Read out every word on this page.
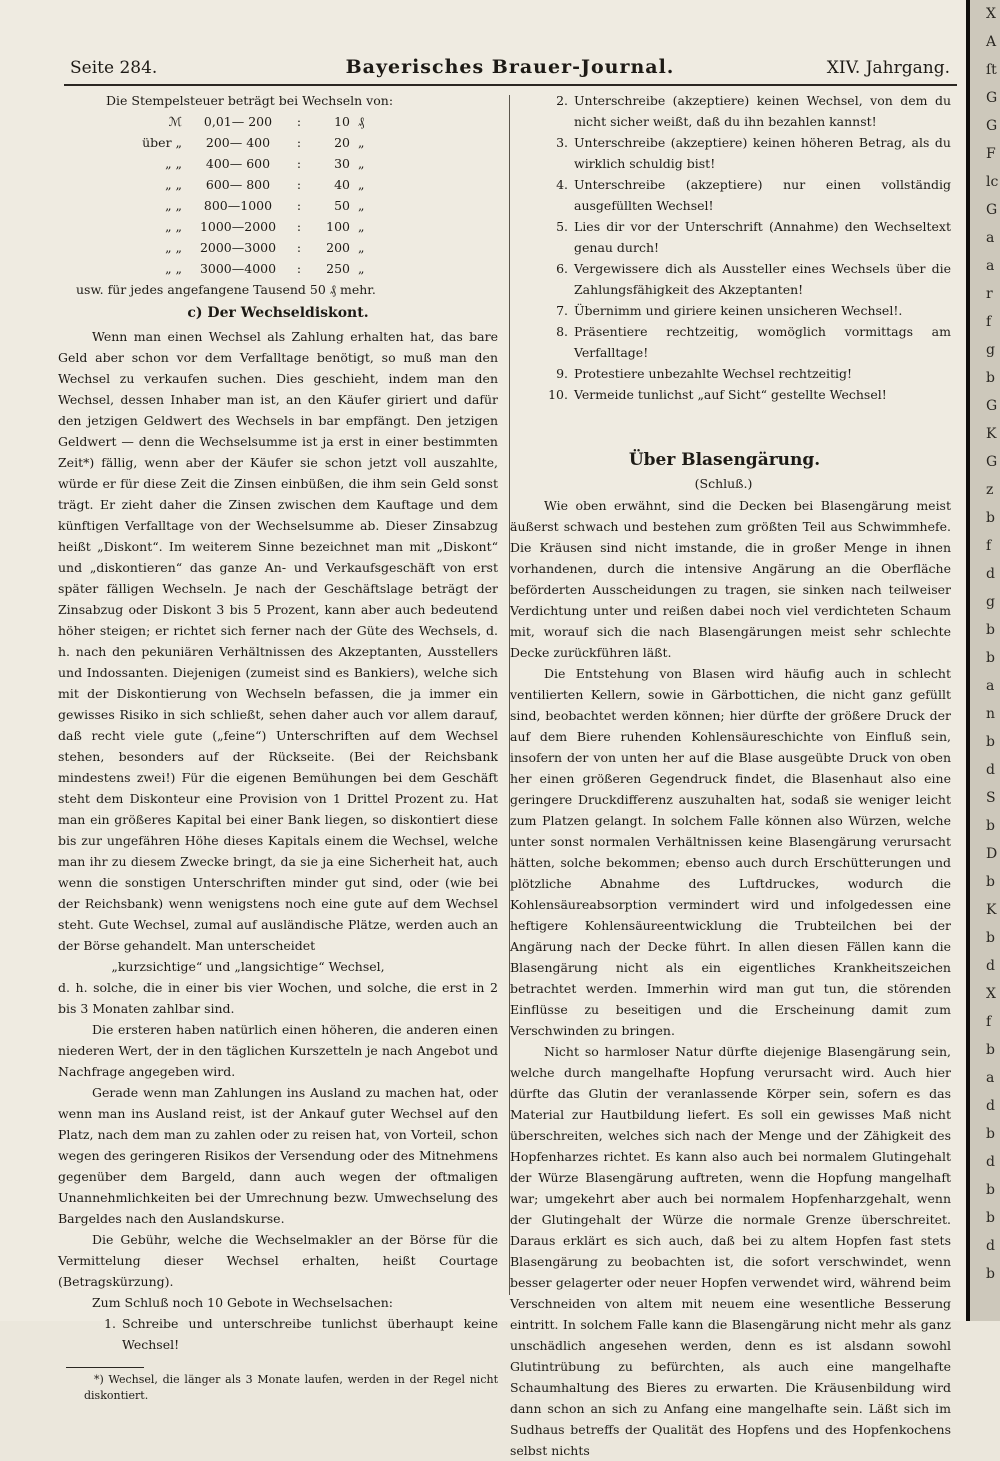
Seite 284.	Bayerisches Brauer-Journal.	XIV. Jahrgang.

Die Stempelsteuer beträgt bei Wechseln von:

ℳ	0,01— 200	:	10	₰
über „	200— 400	:	20	„
„ „	400— 600	:	30	„
„ „	600— 800	:	40	„
„ „	800—1000	:	50	„
„ „	1000—2000	:	100	„
„ „	2000—3000	:	200	„
„ „	3000—4000	:	250	„

usw. für jedes angefangene Tausend 50 ₰ mehr.

c) Der Wechseldiskont.

Wenn man einen Wechsel als Zahlung erhalten hat, das bare Geld aber schon vor dem Verfalltage benötigt, so muß man den Wechsel zu verkaufen suchen. Dies geschieht, indem man den Wechsel, dessen Inhaber man ist, an den Käufer giriert und dafür den jetzigen Geldwert des Wechsels in bar empfängt. Den jetzigen Geldwert — denn die Wechselsumme ist ja erst in einer bestimmten Zeit*) fällig, wenn aber der Käufer sie schon jetzt voll auszahlte, würde er für diese Zeit die Zinsen einbüßen, die ihm sein Geld sonst trägt. Er zieht daher die Zinsen zwischen dem Kauftage und dem künftigen Verfalltage von der Wechselsumme ab. Dieser Zinsabzug heißt „Diskont“. Im weiterem Sinne bezeichnet man mit „Diskont“ und „diskontieren“ das ganze An- und Verkaufsgeschäft von erst später fälligen Wechseln. Je nach der Geschäftslage beträgt der Zinsabzug oder Diskont 3 bis 5 Prozent, kann aber auch bedeutend höher steigen; er richtet sich ferner nach der Güte des Wechsels, d. h. nach den pekuniären Verhältnissen des Akzeptanten, Ausstellers und Indossanten. Diejenigen (zumeist sind es Bankiers), welche sich mit der Diskontierung von Wechseln befassen, die ja immer ein gewisses Risiko in sich schließt, sehen daher auch vor allem darauf, daß recht viele gute („feine“) Unterschriften auf dem Wechsel stehen, besonders auf der Rückseite. (Bei der Reichsbank mindestens zwei!) Für die eigenen Bemühungen bei dem Geschäft steht dem Diskonteur eine Provision von 1 Drittel Prozent zu. Hat man ein größeres Kapital bei einer Bank liegen, so diskontiert diese bis zur ungefähren Höhe dieses Kapitals einem die Wechsel, welche man ihr zu diesem Zwecke bringt, da sie ja eine Sicherheit hat, auch wenn die sonstigen Unterschriften minder gut sind, oder (wie bei der Reichsbank) wenn wenigstens noch eine gute auf dem Wechsel steht. Gute Wechsel, zumal auf ausländische Plätze, werden auch an der Börse gehandelt. Man unterscheidet

„kurzsichtige“ und „langsichtige“ Wechsel,

d. h. solche, die in einer bis vier Wochen, und solche, die erst in 2 bis 3 Monaten zahlbar sind.

Die ersteren haben natürlich einen höheren, die anderen einen niederen Wert, der in den täglichen Kurszetteln je nach Angebot und Nachfrage angegeben wird.

Gerade wenn man Zahlungen ins Ausland zu machen hat, oder wenn man ins Ausland reist, ist der Ankauf guter Wechsel auf den Platz, nach dem man zu zahlen oder zu reisen hat, von Vorteil, schon wegen des geringeren Risikos der Versendung oder des Mitnehmens gegenüber dem Bargeld, dann auch wegen der oftmaligen Unannehmlichkeiten bei der Umrechnung bezw. Umwechselung des Bargeldes nach den Auslandskurse.

Die Gebühr, welche die Wechselmakler an der Börse für die Vermittelung dieser Wechsel erhalten, heißt Courtage (Betragskürzung).

Zum Schluß noch 10 Gebote in Wechselsachen:

1. Schreibe und unterschreibe tunlichst überhaupt keine Wechsel!

*) Wechsel, die länger als 3 Monate laufen, werden in der Regel nicht diskontiert.

2. Unterschreibe (akzeptiere) keinen Wechsel, von dem du nicht sicher weißt, daß du ihn bezahlen kannst!
3. Unterschreibe (akzeptiere) keinen höheren Betrag, als du wirklich schuldig bist!
4. Unterschreibe (akzeptiere) nur einen vollständig ausgefüllten Wechsel!
5. Lies dir vor der Unterschrift (Annahme) den Wechseltext genau durch!
6. Vergewissere dich als Aussteller eines Wechsels über die Zahlungsfähigkeit des Akzeptanten!
7. Übernimm und giriere keinen unsicheren Wechsel!.
8. Präsentiere rechtzeitig, womöglich vormittags am Verfalltage!
9. Protestiere unbezahlte Wechsel rechtzeitig!
10. Vermeide tunlichst „auf Sicht“ gestellte Wechsel!
Über Blasengärung.
(Schluß.)

Wie oben erwähnt, sind die Decken bei Blasengärung meist äußerst schwach und bestehen zum größten Teil aus Schwimmhefe. Die Kräusen sind nicht imstande, die in großer Menge in ihnen vorhandenen, durch die intensive Angärung an die Oberfläche beförderten Ausscheidungen zu tragen, sie sinken nach teilweiser Verdichtung unter und reißen dabei noch viel verdichteten Schaum mit, worauf sich die nach Blasengärungen meist sehr schlechte Decke zurückführen läßt.

Die Entstehung von Blasen wird häufig auch in schlecht ventilierten Kellern, sowie in Gärbottichen, die nicht ganz gefüllt sind, beobachtet werden können; hier dürfte der größere Druck der auf dem Biere ruhenden Kohlensäureschichte von Einfluß sein, insofern der von unten her auf die Blase ausgeübte Druck von oben her einen größeren Gegendruck findet, die Blasenhaut also eine geringere Druckdifferenz auszuhalten hat, sodaß sie weniger leicht zum Platzen gelangt. In solchem Falle können also Würzen, welche unter sonst normalen Verhältnissen keine Blasengärung verursacht hätten, solche bekommen; ebenso auch durch Erschütterungen und plötzliche Abnahme des Luftdruckes, wodurch die Kohlensäureabsorption vermindert wird und infolgedessen eine heftigere Kohlensäureentwicklung die Trubteilchen bei der Angärung nach der Decke führt. In allen diesen Fällen kann die Blasengärung nicht als ein eigentliches Krankheitszeichen betrachtet werden. Immerhin wird man gut tun, die störenden Einflüsse zu beseitigen und die Erscheinung damit zum Verschwinden zu bringen.

Nicht so harmloser Natur dürfte diejenige Blasengärung sein, welche durch mangelhafte Hopfung verursacht wird. Auch hier dürfte das Glutin der veranlassende Körper sein, sofern es das Material zur Hautbildung liefert. Es soll ein gewisses Maß nicht überschreiten, welches sich nach der Menge und der Zähigkeit des Hopfenharzes richtet. Es kann also auch bei normalem Glutingehalt der Würze Blasengärung auftreten, wenn die Hopfung mangelhaft war; umgekehrt aber auch bei normalem Hopfenharzgehalt, wenn der Glutingehalt der Würze die normale Grenze überschreitet. Daraus erklärt es sich auch, daß bei zu altem Hopfen fast stets Blasengärung zu beobachten ist, die sofort verschwindet, wenn besser gelagerter oder neuer Hopfen verwendet wird, während beim Verschneiden von altem mit neuem eine wesentliche Besserung eintritt. In solchem Falle kann die Blasengärung nicht mehr als ganz unschädlich angesehen werden, denn es ist alsdann sowohl Glutintrübung zu befürchten, als auch eine mangelhafte Schaumhaltung des Bieres zu erwarten. Die Kräusenbildung wird dann schon an sich zu Anfang eine mangelhafte sein. Läßt sich im Sudhaus betreffs der Qualität des Hopfens und des Hopfenkochens selbst nichts

X
A
ſt
G
G
F
lc
G
a
a
r
f
g
b
G
K
G
z
b
f
d
g
b
b
a
n
b
d
S
b
D
b
K
b
d
X
f
b
a
d
b
d
b
b
d
b
